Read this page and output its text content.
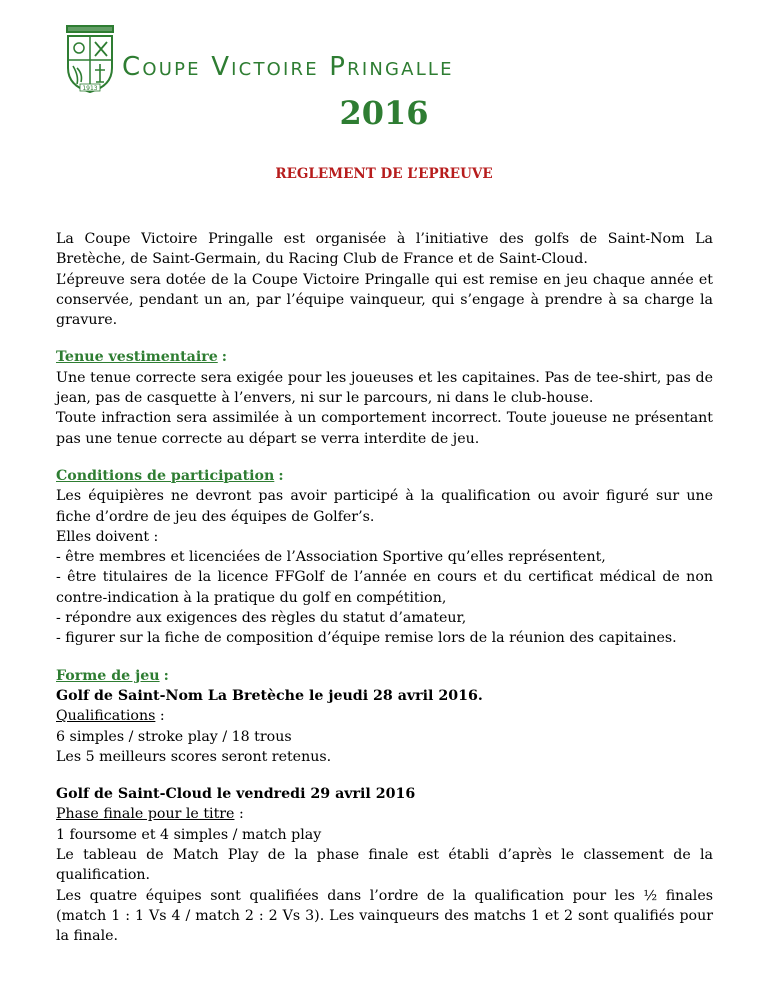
1913
Coupe Victoire Pringalle
2016
REGLEMENT DE L’EPREUVE

La Coupe Victoire Pringalle est organisée à l’initiative des golfs de Saint-Nom La Bretèche, de Saint-Germain, du Racing Club de France et de Saint-Cloud.

L’épreuve sera dotée de la Coupe Victoire Pringalle qui est remise en jeu chaque année et conservée, pendant un an, par l’équipe vainqueur, qui s’engage à prendre à sa charge la gravure.

Tenue vestimentaire :

Une tenue correcte sera exigée pour les joueuses et les capitaines. Pas de tee-shirt, pas de jean, pas de casquette à l’envers, ni sur le parcours, ni dans le club-house.

Toute infraction sera assimilée à un comportement incorrect. Toute joueuse ne présentant pas une tenue correcte au départ se verra interdite de jeu.

Conditions de participation :

Les équipières ne devront pas avoir participé à la qualification ou avoir figuré sur une fiche d’ordre de jeu des équipes de Golfer’s.

Elles doivent :

- être membres et licenciées de l’Association Sportive qu’elles représentent,

- être titulaires de la licence FFGolf de l’année en cours et du certificat médical de non contre-indication à la pratique du golf en compétition,

- répondre aux exigences des règles du statut d’amateur,

- figurer sur la fiche de composition d’équipe remise lors de la réunion des capitaines.

Forme de jeu :

Golf de Saint-Nom La Bretèche le jeudi 28 avril 2016.

Qualifications :

6 simples / stroke play / 18 trous

Les 5 meilleurs scores seront retenus.

Golf de Saint-Cloud le vendredi 29 avril 2016

Phase finale pour le titre :

1 foursome et 4 simples / match play

Le tableau de Match Play de la phase finale est établi d’après le classement de la qualification.

Les quatre équipes sont qualifiées dans l’ordre de la qualification pour les ½ finales (match 1 : 1 Vs 4 / match 2 : 2 Vs 3). Les vainqueurs des matchs 1 et 2 sont qualifiés pour la finale.
